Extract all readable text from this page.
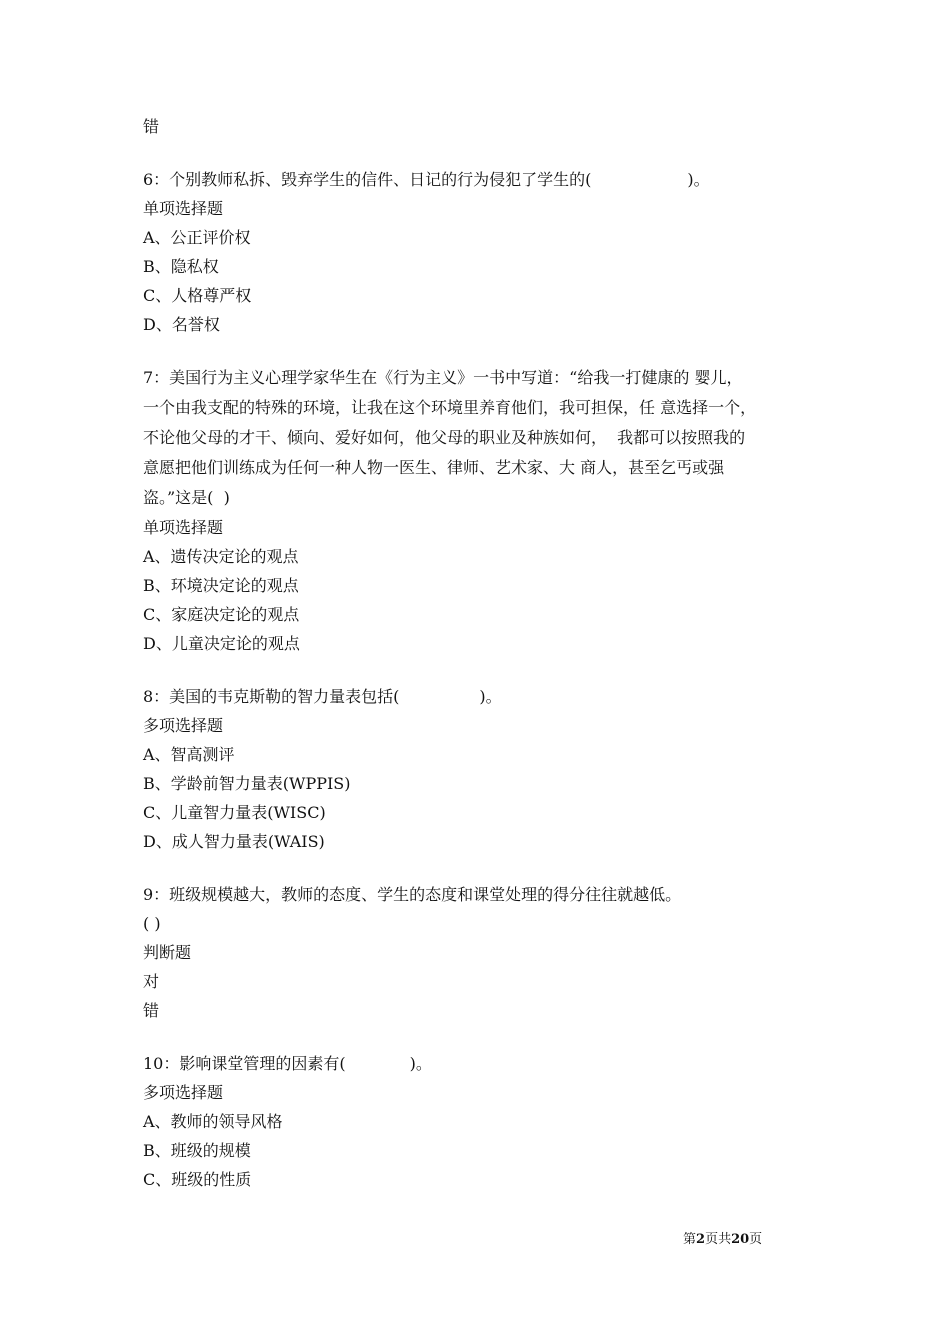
错
6：个别教师私拆、毁弃学生的信件、日记的行为侵犯了学生的(　　　　　　)。
单项选择题
A、公正评价权
B、隐私权
C、人格尊严权
D、名誉权
7：美国行为主义心理学家华生在《行为主义》一书中写道：“给我一打健康的 婴儿，
一个由我支配的特殊的环境，让我在这个环境里养育他们，我可担保，任 意选择一个，
不论他父母的才干、倾向、爱好如何，他父母的职业及种族如何，  我都可以按照我的
意愿把他们训练成为任何一种人物一医生、律师、艺术家、大 商人，甚至乞丐或强
盗。”这是(  )
单项选择题
A、遗传决定论的观点
B、环境决定论的观点
C、家庭决定论的观点
D、儿童决定论的观点
8：美国的韦克斯勒的智力量表包括(　　　　　)。
多项选择题
A、智高测评
B、学龄前智力量表(WPPIS)
C、儿童智力量表(WISC)
D、成人智力量表(WAIS)
9：班级规模越大，教师的态度、学生的态度和课堂处理的得分往往就越低。
( )
判断题
对
错
10：影响课堂管理的因素有(　　　　)。
多项选择题
A、教师的领导风格
B、班级的规模
C、班级的性质
第2页共20页
